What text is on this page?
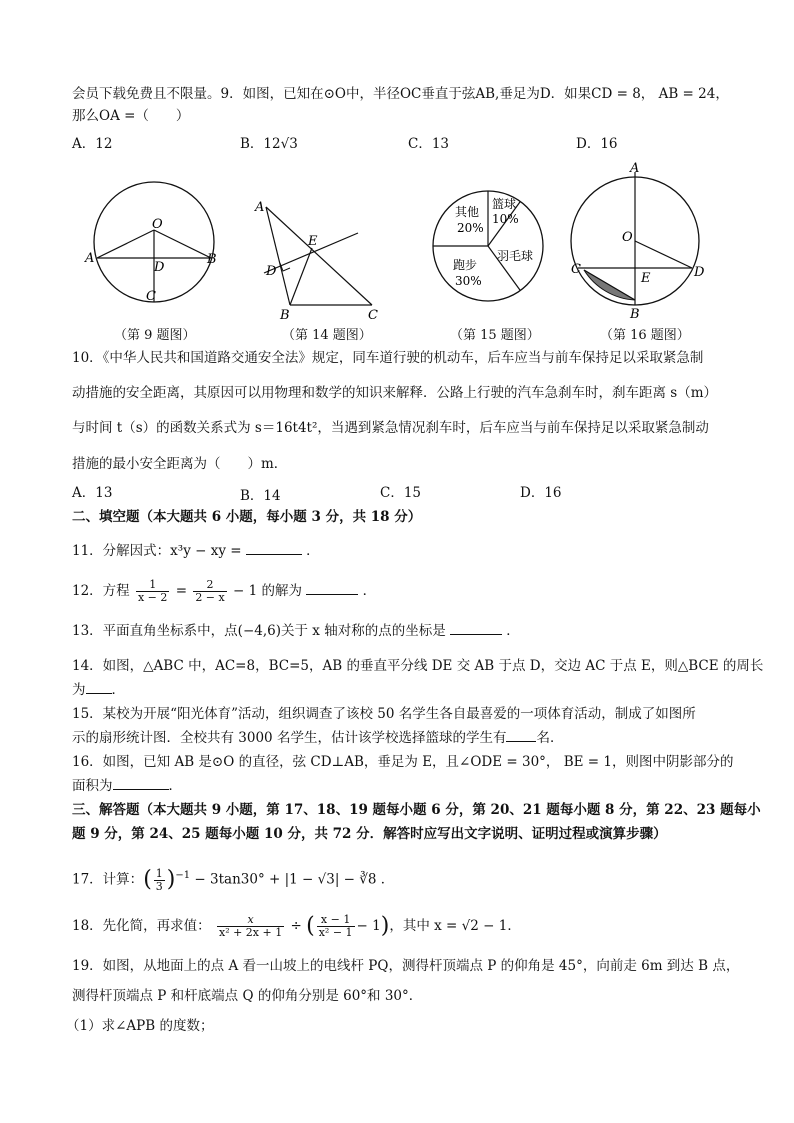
会员下载免费且不限量。9．如图，已知在⊙O中，半径OC垂直于弦AB,垂足为D．如果CD = 8， AB = 24，
那么OA =（　　）
A．12	B．12√3	C．13	D．16
O
A	B
D
C
（第 9 题图）
A
E
D
B	C
（第 14 题图）
篮球
10%
其他
20%
跑步
30%
羽毛球
（第 15 题图）
A
O
C
E	D
B
（第 16 题图）
10．《中华人民共和国道路交通安全法》规定，同车道行驶的机动车，后车应当与前车保持足以采取紧急制
动措施的安全距离，其原因可以用物理和数学的知识来解释．公路上行驶的汽车急刹车时，刹车距离 s（m）
与时间 t（s）的函数关系式为 s＝16t4t²，当遇到紧急情况刹车时，后车应当与前车保持足以采取紧急制动
措施的最小安全距离为（　　）m．
A．13	B．14	C．15	D．16
二、填空题（本大题共 6 小题，每小题 3 分，共 18 分）
11．分解因式：x³y − xy =	．
12．方程 $\frac{1}{x - 2} = \frac{2}{2 - x} - 1$ 的解为	．
13．平面直角坐标系中，点(−4,6)关于 x 轴对称的点的坐标是	．
14．如图，△ABC 中，AC=8，BC=5，AB 的垂直平分线 DE 交 AB 于点 D，交边 AC 于点 E，则△BCE 的周长
为 ．
15．某校为开展“阳光体育”活动，组织调查了该校 50 名学生各自最喜爱的一项体育活动，制成了如图所
示的扇形统计图．全校共有 3000 名学生，估计该学校选择篮球的学生有 名．
16．如图，已知 AB 是⊙O 的直径，弦 CD⊥AB，垂足为 E，且∠ODE = 30°， BE = 1，则图中阴影部分的
面积为	．
三、解答题（本大题共 9 小题，第 17、18、19 题每小题 6 分，第 20、21 题每小题 8 分，第 22、23 题每小
题 9 分，第 24、25 题每小题 10 分，共 72 分．解答时应写出文字说明、证明过程或演算步骤）
17．计算：( $\frac{1}{3} )^{-1} - 3\tan 30^\circ + |1 - √3|$ − ∛8 ．
18．先化简，再求值： $\frac{x}{\text{x² + 2x + 1}}$ ÷ ( $\frac{x - 1}{\text{x² − 1}} - 1$)，其中 x = √2 − 1．
19．如图，从地面上的点 A 看一山坡上的电线杆 PQ，测得杆顶端点 P 的仰角是 45°，向前走 6m 到达 B 点，
测得杆顶端点 P 和杆底端点 Q 的仰角分别是 60°和 30°．
（1）求∠APB 的度数；
